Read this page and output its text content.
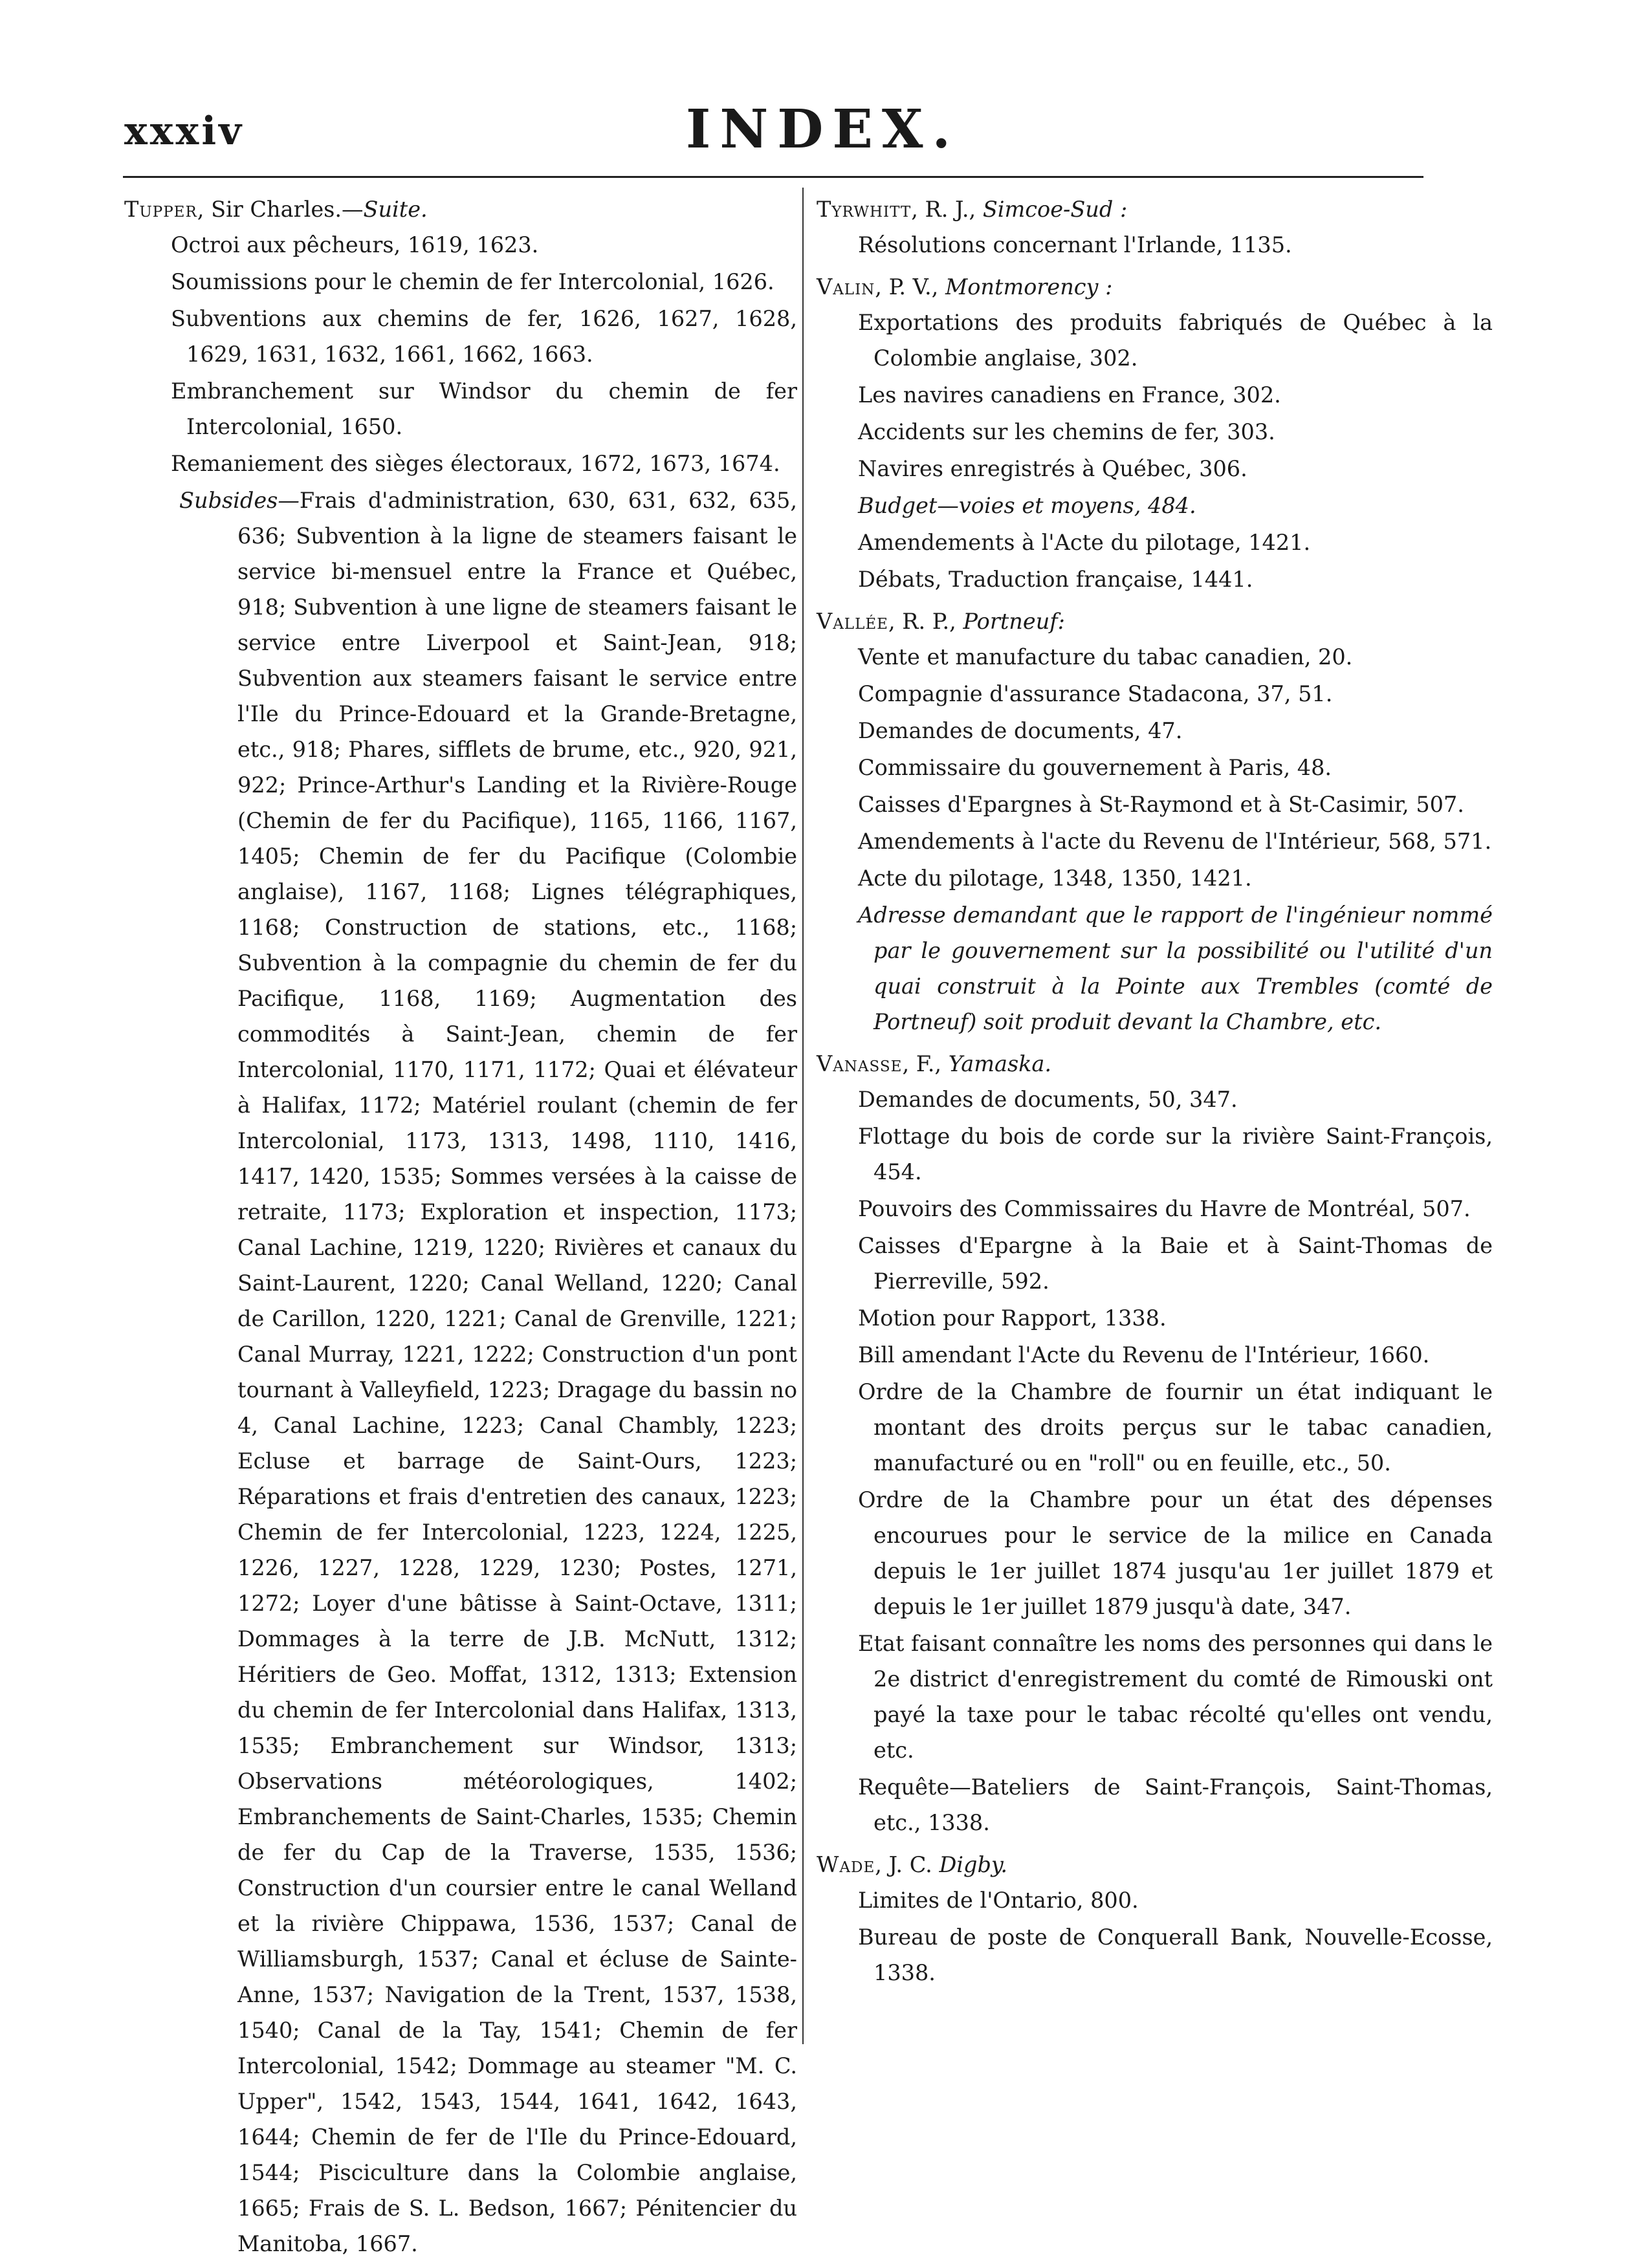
xxxiv	INDEX.
Tupper, Sir Charles.—Suite.
Octroi aux pêcheurs, 1619, 1623.
Soumissions pour le chemin de fer Intercolonial, 1626.
Subventions aux chemins de fer, 1626, 1627, 1628, 1629, 1631, 1632, 1661, 1662, 1663.
Embranchement sur Windsor du chemin de fer Intercolonial, 1650.
Remaniement des sièges électoraux, 1672, 1673, 1674.
Subsides—Frais d'administration, 630, 631, 632, 635, 636; Subvention à la ligne de steamers faisant le service bi-mensuel entre la France et Québec, 918; Subvention à une ligne de steamers faisant le service entre Liverpool et Saint-Jean, 918; Subvention aux steamers faisant le service entre l'Ile du Prince-Edouard et la Grande-Bretagne, etc., 918; Phares, sifflets de brume, etc., 920, 921, 922; Prince-Arthur's Landing et la Rivière-Rouge (Chemin de fer du Pacifique), 1165, 1166, 1167, 1405; Chemin de fer du Pacifique (Colombie anglaise), 1167, 1168; Lignes télégraphiques, 1168; Construction de stations, etc., 1168; Subvention à la compagnie du chemin de fer du Pacifique, 1168, 1169; Augmentation des commodités à Saint-Jean, chemin de fer Intercolonial, 1170, 1171, 1172; Quai et élévateur à Halifax, 1172; Matériel roulant (chemin de fer Intercolonial, 1173, 1313, 1498, 1110, 1416, 1417, 1420, 1535; Sommes versées à la caisse de retraite, 1173; Exploration et inspection, 1173; Canal Lachine, 1219, 1220; Rivières et canaux du Saint-Laurent, 1220; Canal Welland, 1220; Canal de Carillon, 1220, 1221; Canal de Grenville, 1221; Canal Murray, 1221, 1222; Construction d'un pont tournant à Valleyfield, 1223; Dragage du bassin no 4, Canal Lachine, 1223; Canal Chambly, 1223; Ecluse et barrage de Saint-Ours, 1223; Réparations et frais d'entretien des canaux, 1223; Chemin de fer Intercolonial, 1223, 1224, 1225, 1226, 1227, 1228, 1229, 1230; Postes, 1271, 1272; Loyer d'une bâtisse à Saint-Octave, 1311; Dommages à la terre de J.B. McNutt, 1312; Héritiers de Geo. Moffat, 1312, 1313; Extension du chemin de fer Intercolonial dans Halifax, 1313, 1535; Embranchement sur Windsor, 1313; Observations météorologiques, 1402; Embranchements de Saint-Charles, 1535; Chemin de fer du Cap de la Traverse, 1535, 1536; Construction d'un coursier entre le canal Welland et la rivière Chippawa, 1536, 1537; Canal de Williamsburgh, 1537; Canal et écluse de Sainte-Anne, 1537; Navigation de la Trent, 1537, 1538, 1540; Canal de la Tay, 1541; Chemin de fer Intercolonial, 1542; Dommage au steamer "M. C. Upper", 1542, 1543, 1544, 1641, 1642, 1643, 1644; Chemin de fer de l'Ile du Prince-Edouard, 1544; Pisciculture dans la Colombie anglaise, 1665; Frais de S. L. Bedson, 1667; Pénitencier du Manitoba, 1667.
Tyrwhitt, R. J., Simcoe-Sud :
Résolutions concernant l'Irlande, 1135.
Valin, P. V., Montmorency :
Exportations des produits fabriqués de Québec à la Colombie anglaise, 302.
Les navires canadiens en France, 302.
Accidents sur les chemins de fer, 303.
Navires enregistrés à Québec, 306.
Budget—voies et moyens, 484.
Amendements à l'Acte du pilotage, 1421.
Débats, Traduction française, 1441.
Vallée, R. P., Portneuf:
Vente et manufacture du tabac canadien, 20.
Compagnie d'assurance Stadacona, 37, 51.
Demandes de documents, 47.
Commissaire du gouvernement à Paris, 48.
Caisses d'Epargnes à St-Raymond et à St-Casimir, 507.
Amendements à l'acte du Revenu de l'Intérieur, 568, 571.
Acte du pilotage, 1348, 1350, 1421.
Adresse demandant que le rapport de l'ingénieur nommé par le gouvernement sur la possibilité ou l'utilité d'un quai construit à la Pointe aux Trembles (comté de Portneuf) soit produit devant la Chambre, etc.
Vanasse, F., Yamaska.
Demandes de documents, 50, 347.
Flottage du bois de corde sur la rivière Saint-François, 454.
Pouvoirs des Commissaires du Havre de Montréal, 507.
Caisses d'Epargne à la Baie et à Saint-Thomas de Pierreville, 592.
Motion pour Rapport, 1338.
Bill amendant l'Acte du Revenu de l'Intérieur, 1660.
Ordre de la Chambre de fournir un état indiquant le montant des droits perçus sur le tabac canadien, manufacturé ou en "roll" ou en feuille, etc., 50.
Ordre de la Chambre pour un état des dépenses encourues pour le service de la milice en Canada depuis le 1er juillet 1874 jusqu'au 1er juillet 1879 et depuis le 1er juillet 1879 jusqu'à date, 347.
Etat faisant connaître les noms des personnes qui dans le 2e district d'enregistrement du comté de Rimouski ont payé la taxe pour le tabac récolté qu'elles ont vendu, etc.
Requête—Bateliers de Saint-François, Saint-Thomas, etc., 1338.
Wade, J. C. Digby.
Limites de l'Ontario, 800.
Bureau de poste de Conquerall Bank, Nouvelle-Ecosse, 1338.
